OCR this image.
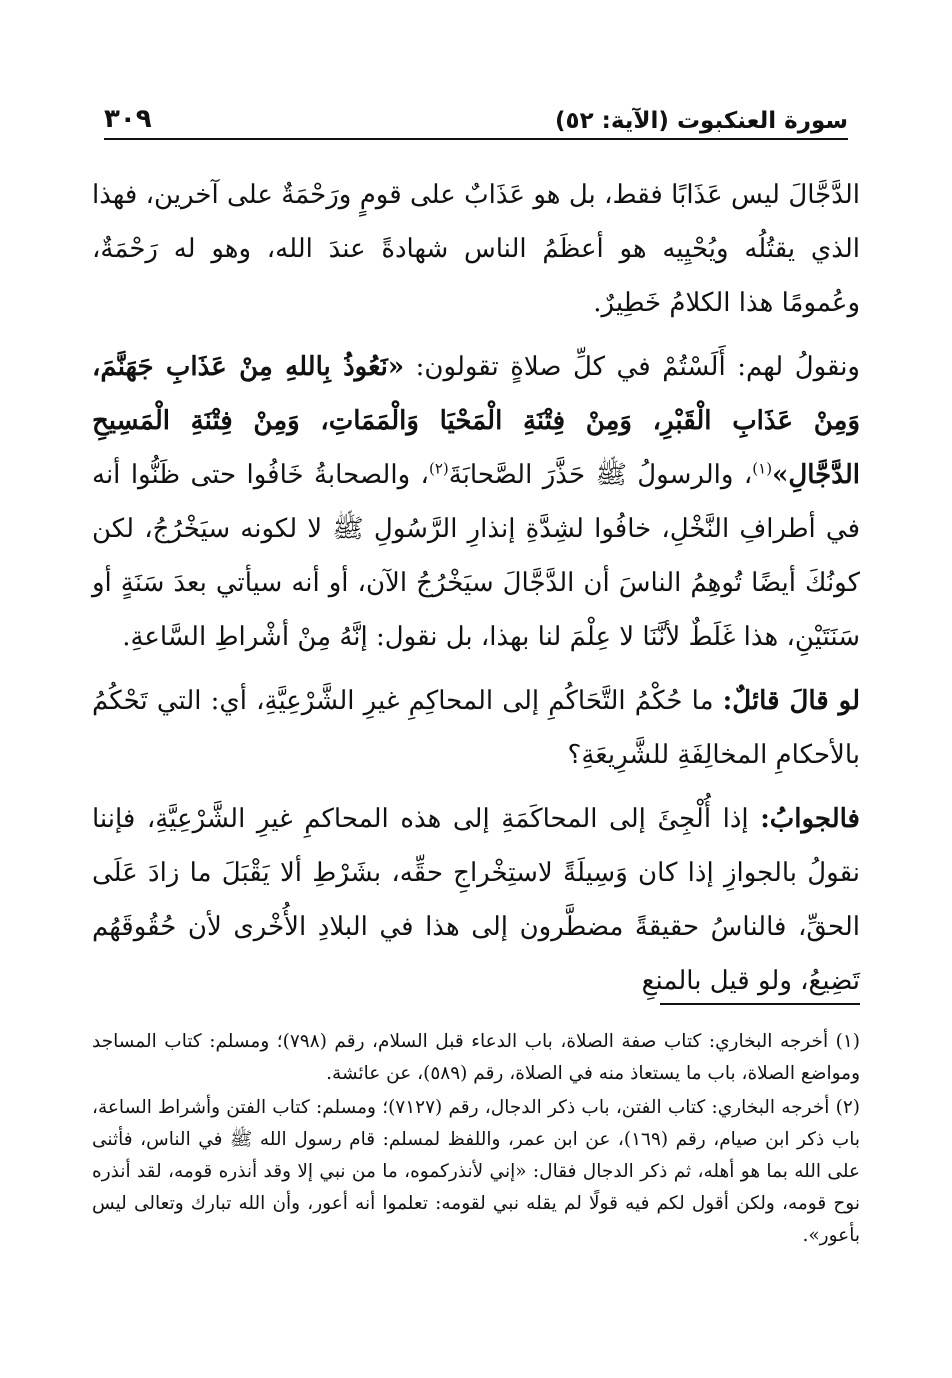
سورة العنكبوت (الآية: ٥٢)
٣٠٩

الدَّجَّالَ ليس عَذَابًا فقط، بل هو عَذَابٌ على قومٍ ورَحْمَةٌ على آخرين، فهذا الذي يقتُلُه ويُحْيِيه هو أعظَمُ الناس شهادةً عندَ الله، وهو له رَحْمَةٌ، وعُمومًا هذا الكلامُ خَطِيرٌ.

ونقولُ لهم: أَلَسْتُمْ في كلِّ صلاةٍ تقولون: «نَعُوذُ بِاللهِ مِنْ عَذَابِ جَهَنَّمَ، وَمِنْ عَذَابِ الْقَبْرِ، وَمِنْ فِتْنَةِ الْمَحْيَا وَالْمَمَاتِ، وَمِنْ فِتْنَةِ الْمَسِيحِ الدَّجَّالِ»$^{(١)}$، والرسولُ ﷺ حَذَّرَ الصَّحابَةَ$^{(٢)}$، والصحابةُ خَافُوا حتى ظَنُّوا أنه في أطرافِ النَّخْلِ، خافُوا لشِدَّةِ إنذارِ الرَّسُولِ ﷺ لا لكونه سيَخْرُجُ، لكن كونُكَ أيضًا تُوهِمُ الناسَ أن الدَّجَّالَ سيَخْرُجُ الآن، أو أنه سيأتي بعدَ سَنَةٍ أو سَنَتَيْنِ، هذا غَلَطٌ لأنَّنَا لا عِلْمَ لنا بهذا، بل نقول: إنَّهُ مِنْ أشْراطِ السَّاعةِ.

لو قالَ قائلٌ: ما حُكْمُ التَّحَاكُمِ إلى المحاكِمِ غيرِ الشَّرْعِيَّةِ، أي: التي تَحْكُمُ بالأحكامِ المخالِفَةِ للشَّرِيعَةِ؟

فالجوابُ: إذا أُلْجِئَ إلى المحاكَمَةِ إلى هذه المحاكمِ غيرِ الشَّرْعِيَّةِ، فإننا نقولُ بالجوازِ إذا كان وَسِيلَةً لاستِخْراجِ حقِّه، بشَرْطِ ألا يَقْبَلَ ما زادَ عَلَى الحقِّ، فالناسُ حقيقةً مضطَّرون إلى هذا في البلادِ الأُخْرى لأن حُقُوقَهُم تَضِيعُ، ولو قيل بالمنعِ

(١) أخرجه البخاري: كتاب صفة الصلاة، باب الدعاء قبل السلام، رقم (٧٩٨)؛ ومسلم: كتاب المساجد ومواضع الصلاة، باب ما يستعاذ منه في الصلاة، رقم (٥٨٩)، عن عائشة.

(٢) أخرجه البخاري: كتاب الفتن، باب ذكر الدجال، رقم (٧١٢٧)؛ ومسلم: كتاب الفتن وأشراط الساعة، باب ذكر ابن صيام، رقم (١٦٩)، عن ابن عمر، واللفظ لمسلم: قام رسول الله ﷺ في الناس، فأثنى على الله بما هو أهله، ثم ذكر الدجال فقال: «إني لأنذركموه، ما من نبي إلا وقد أنذره قومه، لقد أنذره نوح قومه، ولكن أقول لكم فيه قولًا لم يقله نبي لقومه: تعلموا أنه أعور، وأن الله تبارك وتعالى ليس بأعور».
